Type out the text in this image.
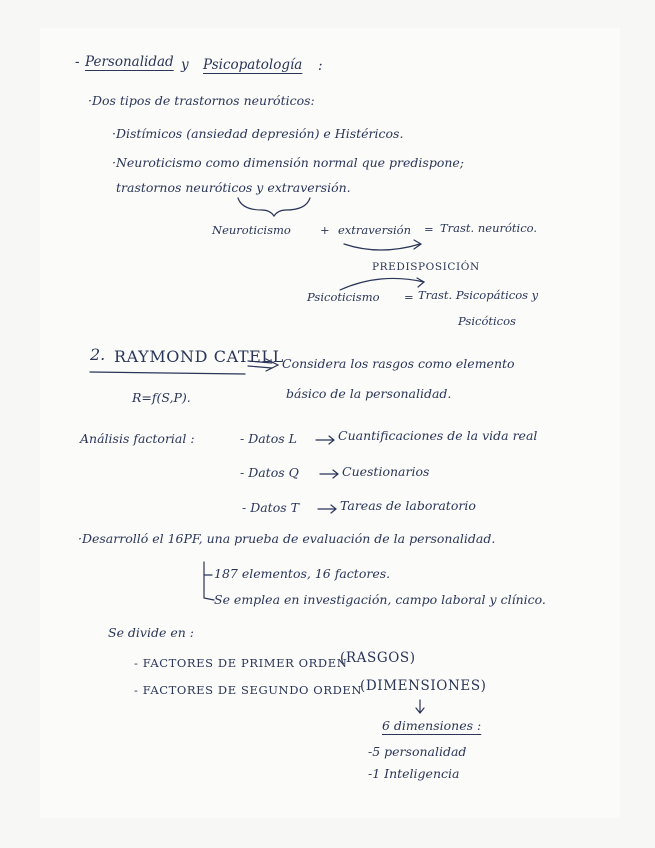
- Personalidad y Psicopatología :
·Dos tipos de trastornos neuróticos:
·Distímicos (ansiedad depresión) e Histéricos.
·Neuroticismo como dimensión normal que predispone;
trastornos neuróticos y extraversión.
Neuroticismo	+ extraversión = Trast. neurótico.
PREDISPOSICIÓN
Psicoticismo = Trast. Psicopáticos y
Psicóticos
2. RAYMOND CATELL
Considera los rasgos como elemento
básico de la personalidad.
R=f(S,P).
Análisis factorial :	- Datos L	Cuantificaciones de la vida real
- Datos Q	Cuestionarios
- Datos T	Tareas de laboratorio
·Desarrolló el 16PF, una prueba de evaluación de la personalidad.
187 elementos, 16 factores.
Se emplea en investigación, campo laboral y clínico.
Se divide en :
- FACTORES DE PRIMER ORDEN
(RASGOS)
- FACTORES DE SEGUNDO ORDEN
(DIMENSIONES)
6 dimensiones :
-5 personalidad
-1 Inteligencia
